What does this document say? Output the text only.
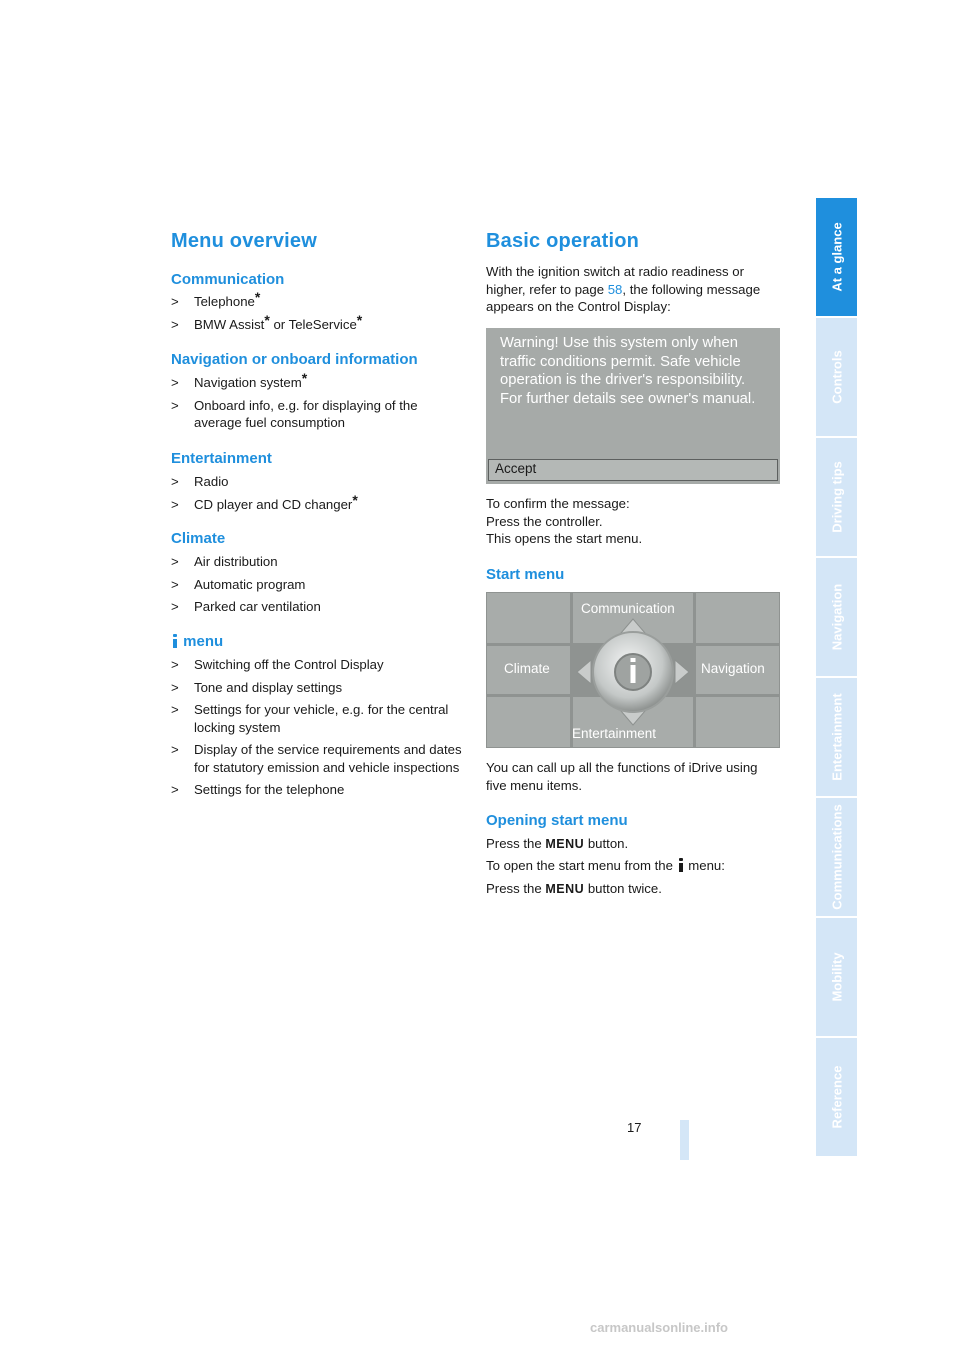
Menu overview
Communication
> Telephone*
> BMW Assist* or TeleService*
Navigation or onboard information
> Navigation system*
> Onboard info, e.g. for displaying of the average fuel consumption
Entertainment
> Radio
> CD player and CD changer*
Climate
> Air distribution
> Automatic program
> Parked car ventilation
menu
> Switching off the Control Display
> Tone and display settings
> Settings for your vehicle, e.g. for the central locking system
> Display of the service requirements and dates for statutory emission and vehicle inspections
> Settings for the telephone
Basic operation

With the ignition switch at radio readiness or higher, refer to page 58, the following message appears on the Control Display:

Warning! Use this system only when traffic conditions permit. Safe vehicle operation is the driver's responsibility. For further details see owner's manual.
Accept

To confirm the message:
Press the controller.
This opens the start menu.

Start menu
Communication
Climate	Navigation
Entertainment

You can call up all the functions of iDrive using five menu items.

Opening start menu

Press the MENU button.

To open the start menu from the  menu:

Press the MENU button twice.

At a glance
Controls
Driving tips
Navigation
Entertainment
Communications
Mobility
Reference
17
carmanualsonline.info
